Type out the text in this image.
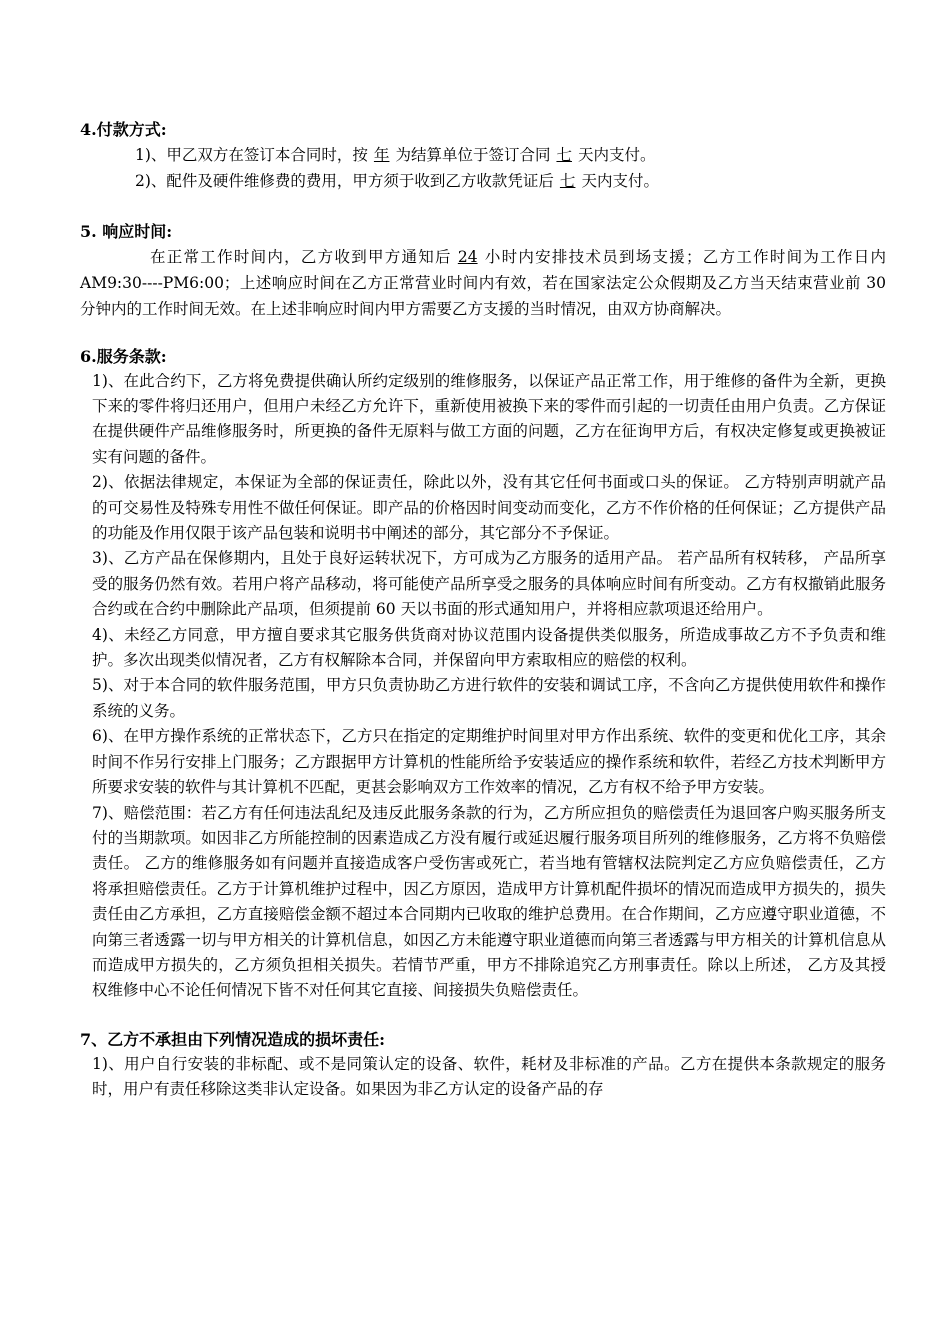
4.付款方式:

1)、甲乙双方在签订本合同时，按 年 为结算单位于签订合同 七 天内支付。

2)、配件及硬件维修费的费用，甲方须于收到乙方收款凭证后 七 天内支付。

5. 响应时间:

在正常工作时间内，乙方收到甲方通知后 24 小时内安排技术员到场支援；乙方工作时间为工作日内 AM9:30----PM6:00；上述响应时间在乙方正常营业时间内有效，若在国家法定公众假期及乙方当天结束营业前 30 分钟内的工作时间无效。在上述非响应时间内甲方需要乙方支援的当时情况，由双方协商解决。

6.服务条款:

1)、在此合约下，乙方将免费提供确认所约定级别的维修服务，以保证产品正常工作，用于维修的备件为全新，更换下来的零件将归还用户，但用户未经乙方允许下，重新使用被换下来的零件而引起的一切责任由用户负责。乙方保证在提供硬件产品维修服务时，所更换的备件无原料与做工方面的问题，乙方在征询甲方后，有权决定修复或更换被证实有问题的备件。

2)、依据法律规定，本保证为全部的保证责任，除此以外，没有其它任何书面或口头的保证。 乙方特别声明就产品的可交易性及特殊专用性不做任何保证。即产品的价格因时间变动而变化，乙方不作价格的任何保证；乙方提供产品的功能及作用仅限于该产品包装和说明书中阐述的部分，其它部分不予保证。

3)、乙方产品在保修期内，且处于良好运转状况下，方可成为乙方服务的适用产品。 若产品所有权转移， 产品所享受的服务仍然有效。若用户将产品移动，将可能使产品所享受之服务的具体响应时间有所变动。乙方有权撤销此服务合约或在合约中删除此产品项，但须提前 60 天以书面的形式通知用户，并将相应款项退还给用户。

4)、未经乙方同意，甲方擅自要求其它服务供货商对协议范围内设备提供类似服务，所造成事故乙方不予负责和维护。多次出现类似情况者，乙方有权解除本合同，并保留向甲方索取相应的赔偿的权利。

5)、对于本合同的软件服务范围，甲方只负责协助乙方进行软件的安装和调试工序，不含向乙方提供使用软件和操作系统的义务。

6)、在甲方操作系统的正常状态下，乙方只在指定的定期维护时间里对甲方作出系统、软件的变更和优化工序，其余时间不作另行安排上门服务；乙方跟据甲方计算机的性能所给予安装适应的操作系统和软件，若经乙方技术判断甲方所要求安装的软件与其计算机不匹配，更甚会影响双方工作效率的情况，乙方有权不给予甲方安装。

7)、赔偿范围：若乙方有任何违法乱纪及违反此服务条款的行为，乙方所应担负的赔偿责任为退回客户购买服务所支付的当期款项。如因非乙方所能控制的因素造成乙方没有履行或延迟履行服务项目所列的维修服务，乙方将不负赔偿责任。 乙方的维修服务如有问题并直接造成客户受伤害或死亡，若当地有管辖权法院判定乙方应负赔偿责任，乙方将承担赔偿责任。乙方于计算机维护过程中，因乙方原因，造成甲方计算机配件损坏的情况而造成甲方损失的，损失责任由乙方承担，乙方直接赔偿金额不超过本合同期内已收取的维护总费用。在合作期间，乙方应遵守职业道德，不向第三者透露一切与甲方相关的计算机信息，如因乙方未能遵守职业道德而向第三者透露与甲方相关的计算机信息从而造成甲方损失的，乙方须负担相关损失。若情节严重，甲方不排除追究乙方刑事责任。除以上所述， 乙方及其授权维修中心不论任何情况下皆不对任何其它直接、间接损失负赔偿责任。

7、乙方不承担由下列情况造成的损坏责任:

1)、用户自行安装的非标配、或不是同策认定的设备、软件，耗材及非标准的产品。乙方在提供本条款规定的服务时，用户有责任移除这类非认定设备。如果因为非乙方认定的设备产品的存
